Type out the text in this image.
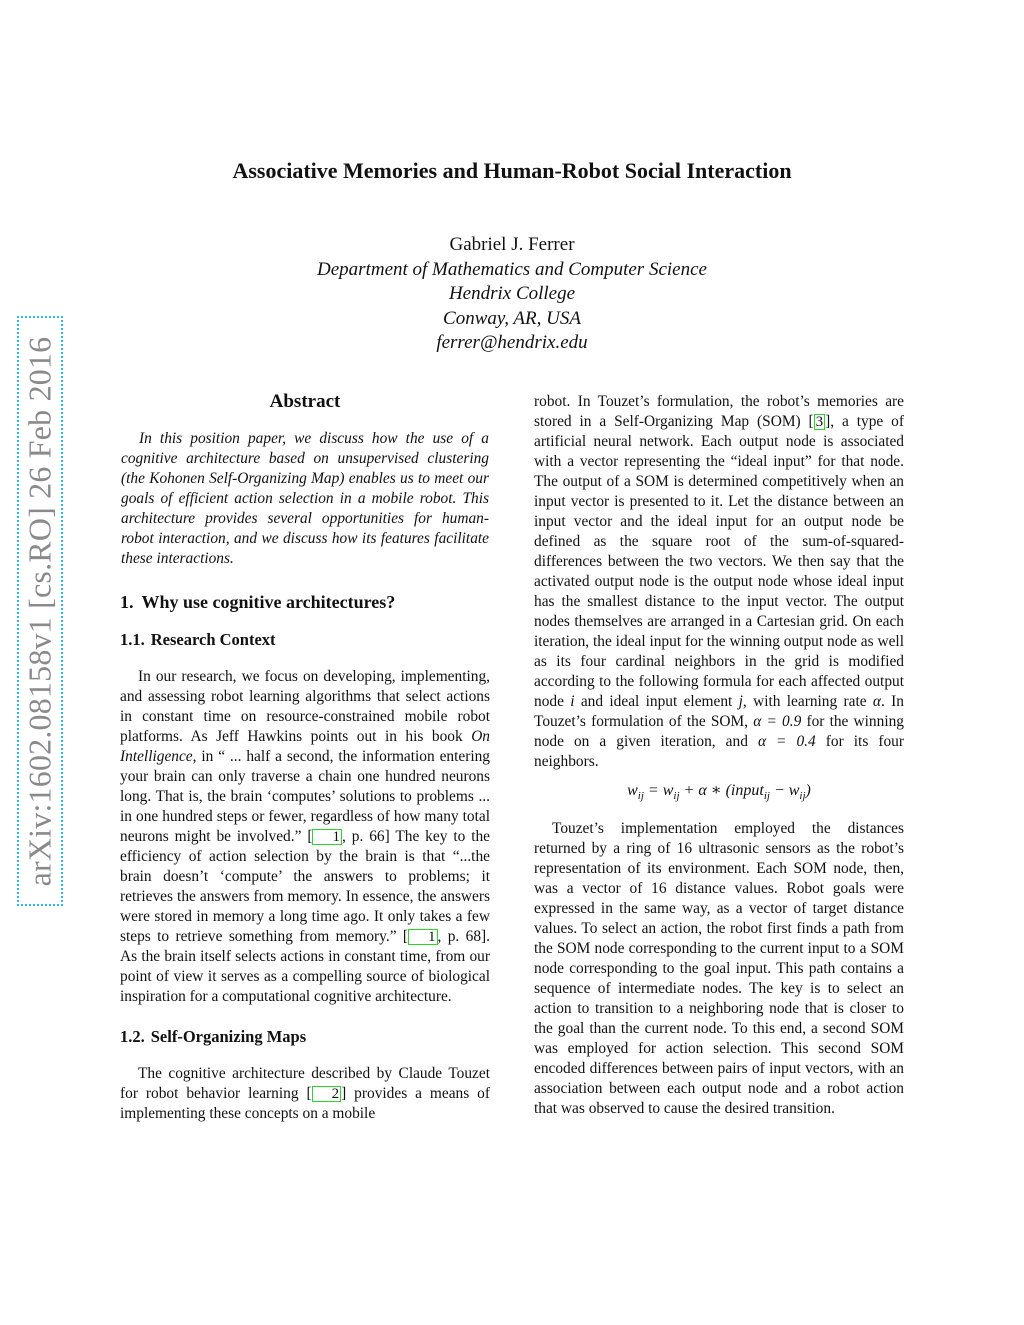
arXiv:1602.08158v1 [cs.RO] 26 Feb 2016
Associative Memories and Human-Robot Social Interaction
Gabriel J. Ferrer
Department of Mathematics and Computer Science
Hendrix College
Conway, AR, USA
ferrer@hendrix.edu
Abstract

In this position paper, we discuss how the use of a cognitive architecture based on unsupervised clustering (the Kohonen Self-Organizing Map) enables us to meet our goals of efficient action selection in a mobile robot. This architecture provides several opportunities for human-robot interaction, and we discuss how its features facilitate these interactions.

1. Why use cognitive architectures?
1.1. Research Context

In our research, we focus on developing, implementing, and assessing robot learning algorithms that select actions in constant time on resource-constrained mobile robot platforms. As Jeff Hawkins points out in his book On Intelligence, in “ ... half a second, the information entering your brain can only traverse a chain one hundred neurons long. That is, the brain ‘computes’ solutions to problems ... in one hundred steps or fewer, regardless of how many total neurons might be involved.” [ 1 , p. 66] The key to the efficiency of action selection by the brain is that “...the brain doesn’t ‘compute’ the answers to problems; it retrieves the answers from memory. In essence, the answers were stored in memory a long time ago. It only takes a few steps to retrieve something from memory.” [ 1 , p. 68]. As the brain itself selects actions in constant time, from our point of view it serves as a compelling source of biological inspiration for a computational cognitive architecture.

1.2. Self-Organizing Maps

The cognitive architecture described by Claude Touzet for robot behavior learning [ 2 ] provides a means of implementing these concepts on a mobile

robot. In Touzet’s formulation, the robot’s memories are stored in a Self-Organizing Map (SOM) [ 3 ], a type of artificial neural network. Each output node is associated with a vector representing the “ideal input” for that node. The output of a SOM is determined competitively when an input vector is presented to it. Let the distance between an input vector and the ideal input for an output node be defined as the square root of the sum-of-squared-differences between the two vectors. We then say that the activated output node is the output node whose ideal input has the smallest distance to the input vector. The output nodes themselves are arranged in a Cartesian grid. On each iteration, the ideal input for the winning output node as well as its four cardinal neighbors in the grid is modified according to the following formula for each affected output node i and ideal input element j, with learning rate α. In Touzet’s formulation of the SOM, α = 0.9 for the winning node on a given iteration, and α = 0.4 for its four neighbors.

$w_{ij} = w_{ij} + \alpha$ ∗ (input$_{ij}$ − $w_{ij}$)

Touzet’s implementation employed the distances returned by a ring of 16 ultrasonic sensors as the robot’s representation of its environment. Each SOM node, then, was a vector of 16 distance values. Robot goals were expressed in the same way, as a vector of target distance values. To select an action, the robot first finds a path from the SOM node corresponding to the current input to a SOM node corresponding to the goal input. This path contains a sequence of intermediate nodes. The key is to select an action to transition to a neighboring node that is closer to the goal than the current node. To this end, a second SOM was employed for action selection. This second SOM encoded differences between pairs of input vectors, with an association between each output node and a robot action that was observed to cause the desired transition.
